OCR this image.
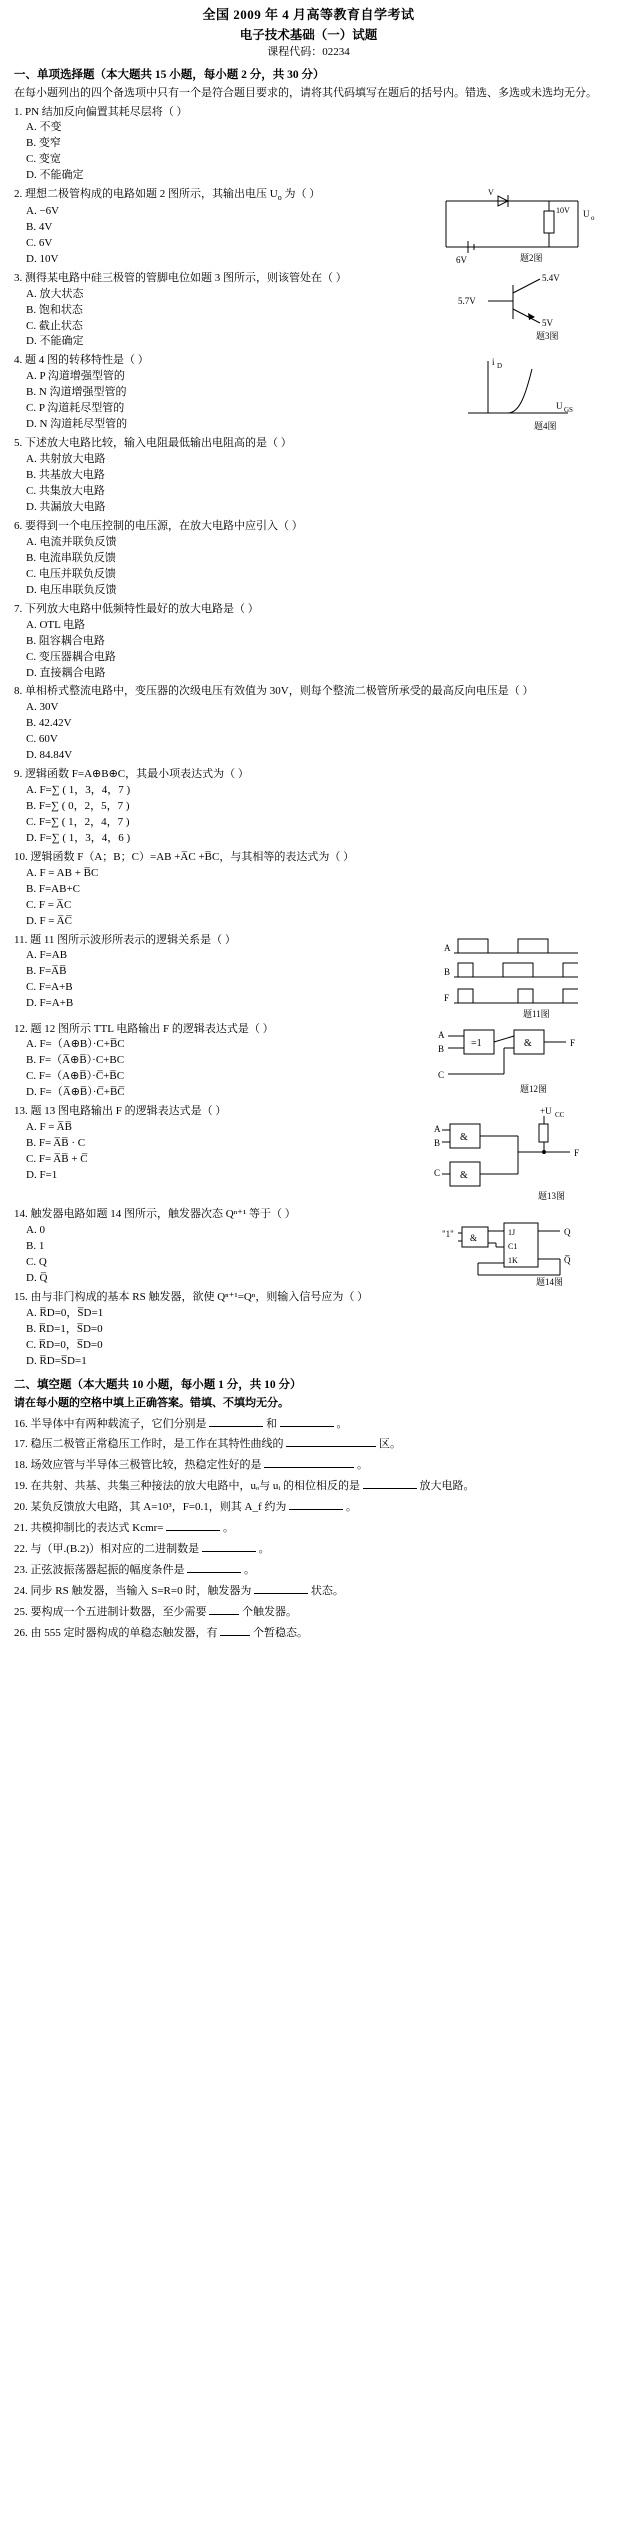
全国 2009 年 4 月高等教育自学考试
电子技术基础（一）试题
课程代码：02234
一、单项选择题（本大题共 15 小题，每小题 2 分，共 30 分）
在每小题列出的四个备选项中只有一个是符合题目要求的，请将其代码填写在题后的括号内。错选、多选或未选均无分。
1. PN 结加反向偏置其耗尽层将（ ）
A. 不变
B. 变窄
C. 变宽
D. 不能确定
2. 理想二极管构成的电路如题 2 图所示，其输出电压 $U_o$ 为（ ）
A. −6V
B. 4V
C. 6V
D. 10V	6V
V
10V U o
题2图
3. 测得某电路中硅三极管的管脚电位如题 3 图所示，则该管处在（ ）
A. 放大状态
B. 饱和状态
C. 截止状态
D. 不能确定
5.4V
5.7V
5V
题3图
4. 题 4 图的转移特性是（ ）
A. P 沟道增强型管的
B. N 沟道增强型管的
C. P 沟道耗尽型管的
D. N 沟道耗尽型管的
i D
U GS
题4图
5. 下述放大电路比较，输入电阻最低输出电阻高的是（ ）
A. 共射放大电路
B. 共基放大电路
C. 共集放大电路
D. 共漏放大电路
6. 要得到一个电压控制的电压源，在放大电路中应引入（ ）
A. 电流并联负反馈
B. 电流串联负反馈
C. 电压并联负反馈
D. 电压串联负反馈
7. 下列放大电路中低频特性最好的放大电路是（ ）
A. OTL 电路
B. 阻容耦合电路
C. 变压器耦合电路
D. 直接耦合电路
8. 单相桥式整流电路中，变压器的次级电压有效值为 30V，则每个整流二极管所承受的最高反向电压是（ ）
A. 30V
B. 42.42V
C. 60V
D. 84.84V
9. 逻辑函数 F=A⊕B⊕C，其最小项表达式为（ ）
A. F=∑ ( 1，3，4，7 )
B. F=∑ ( 0，2，5，7 )
C. F=∑ ( 1，2，4，7 )
D. F=∑ ( 1，3，4，6 )
10. 逻辑函数 F（A；B；C）=AB +A̅C +B̅C，与其相等的表达式为（ ）
A. F = AB + B̅C
B. F=AB+C
C. F = A̅C
D. F = A̅C̅
11. 题 11 图所示波形所表示的逻辑关系是（ ）
A. F=AB
B. F=A̅B̅
C. F=A+B
D. F=A+B
A
B
F
题11图
12. 题 12 图所示 TTL 电路输出 F 的逻辑表达式是（ ）
A. F=（A⊕B）·C+B̅C
B. F=（A̅⊕B̅）·C+BC
C. F=（A⊕B̅）·C̅+B̅C
D. F=（A̅⊕B̅）·C̅+B̅C̅
A
B
C
=1	&	F
题12图
13. 题 13 图电路输出 F 的逻辑表达式是（ ）
A. F = A̅B̅
B. F= A̅B̅ · C
C. F= A̅B̅ + C̅
D. F=1
+U CC
&
&
A
B
C
F
题13图
14. 触发器电路如题 14 图所示，触发器次态 Qⁿ⁺¹ 等于（ ）
A. 0
B. 1
C. Q
D. Q̅
1J
C1
1K
Q
Q̅
&
"1"
题14图
15. 由与非门构成的基本 RS 触发器，欲使 Qⁿ⁺¹=Qⁿ，则输入信号应为（ ）
A. R̅D=0，S̅D=1
B. R̅D=1，S̅D=0
C. R̅D=0，S̅D=0
D. R̅D=S̅D=1
二、填空题（本大题共 10 小题，每小题 1 分，共 10 分）
请在每小题的空格中填上正确答案。错填、不填均无分。
16. 半导体中有两种载流子，它们分别是	和	。
17. 稳压二极管正常稳压工作时，是工作在其特性曲线的	区。
18. 场效应管与半导体三极管比较，热稳定性好的是	。
19. 在共射、共基、共集三种接法的放大电路中，uₒ与 uᵢ 的相位相反的是	放大电路。
20. 某负反馈放大电路，其 A=10³，F=0.1，则其 A_f 约为	。
21. 共模抑制比的表达式 Kcmr=	。
22. 与（甲.(B.2)）相对应的二进制数是	。
23. 正弦波振荡器起振的幅度条件是	。
24. 同步 RS 触发器，当输入 S=R=0 时，触发器为	状态。
25. 要构成一个五进制计数器，至少需要	个触发器。
26. 由 555 定时器构成的单稳态触发器，有	个暂稳态。
